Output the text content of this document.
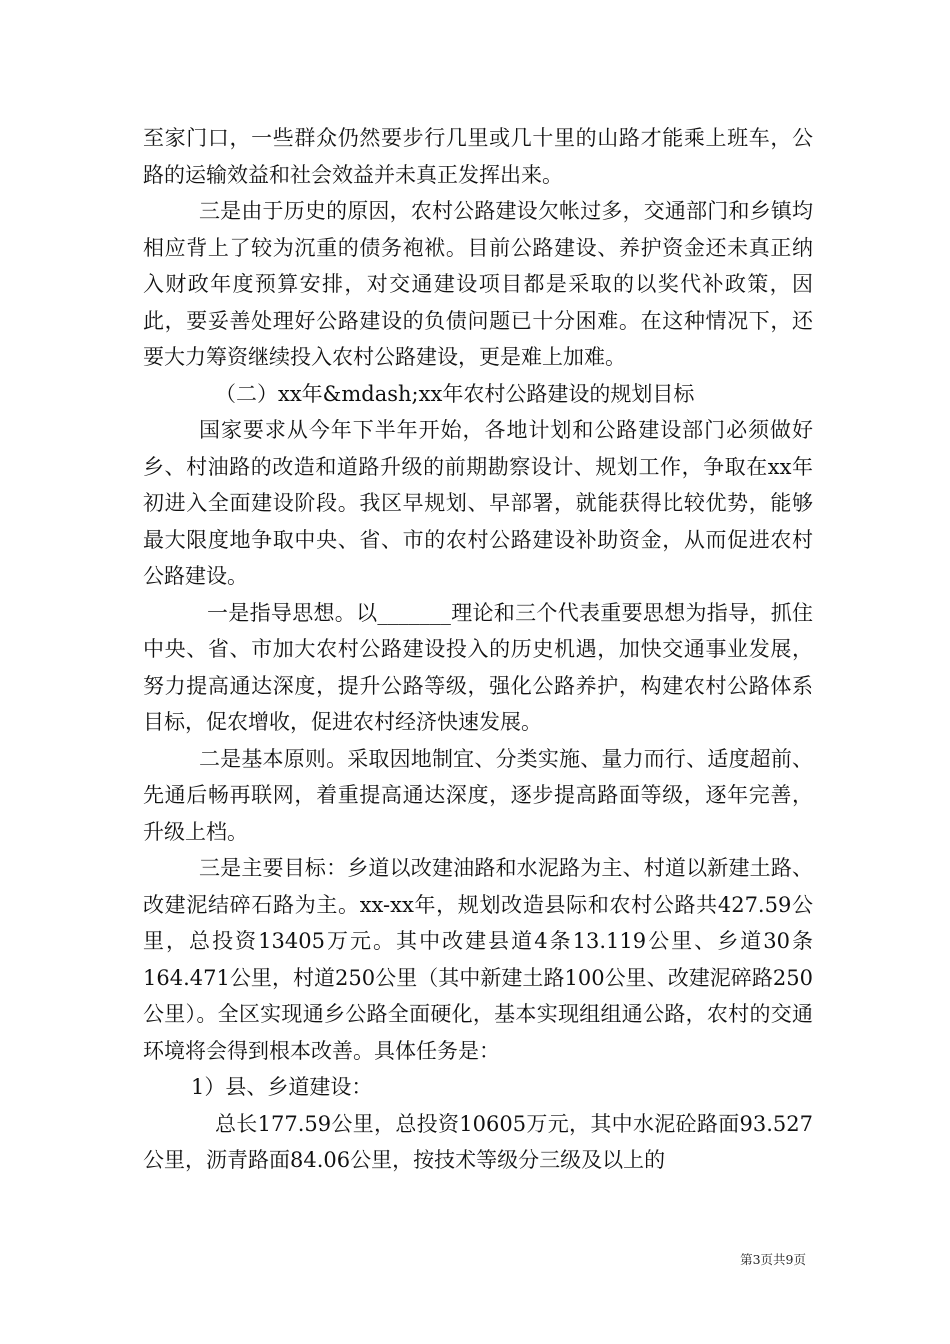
至家门口，一些群众仍然要步行几里或几十里的山路才能乘上班车，公路的运输效益和社会效益并未真正发挥出来。

三是由于历史的原因，农村公路建设欠帐过多，交通部门和乡镇均相应背上了较为沉重的债务袍袱。目前公路建设、养护资金还未真正纳入财政年度预算安排，对交通建设项目都是采取的以奖代补政策，因此，要妥善处理好公路建设的负债问题已十分困难。在这种情况下，还要大力筹资继续投入农村公路建设，更是难上加难。

（二）xx年&mdash;xx年农村公路建设的规划目标

国家要求从今年下半年开始，各地计划和公路建设部门必须做好乡、村油路的改造和道路升级的前期勘察设计、规划工作，争取在xx年初进入全面建设阶段。我区早规划、早部署，就能获得比较优势，能够最大限度地争取中央、省、市的农村公路建设补助资金，从而促进农村公路建设。

一是指导思想。以_______理论和三个代表重要思想为指导，抓住中央、省、市加大农村公路建设投入的历史机遇，加快交通事业发展，努力提高通达深度，提升公路等级，强化公路养护，构建农村公路体系目标，促农增收，促进农村经济快速发展。

二是基本原则。采取因地制宜、分类实施、量力而行、适度超前、先通后畅再联网，着重提高通达深度，逐步提高路面等级，逐年完善，升级上档。

三是主要目标：乡道以改建油路和水泥路为主、村道以新建土路、改建泥结碎石路为主。xx-xx年，规划改造县际和农村公路共427.59公里，总投资13405万元。其中改建县道4条13.119公里、乡道30条164.471公里，村道250公里（其中新建土路100公里、改建泥碎路250公里）。全区实现通乡公路全面硬化，基本实现组组通公路，农村的交通环境将会得到根本改善。具体任务是：

1）县、乡道建设：

总长177.59公里，总投资10605万元，其中水泥砼路面93.527公里，沥青路面84.06公里，按技术等级分三级及以上的

第3页共9页
